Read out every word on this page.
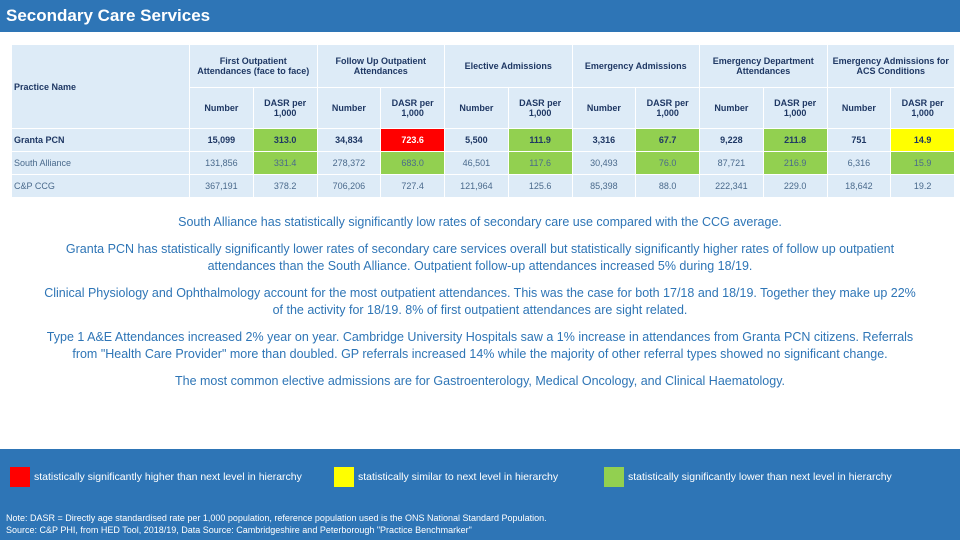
Secondary Care Services
Practice Name	First Outpatient Attendances (face to face)		Follow Up Outpatient Attendances		Elective Admissions		Emergency Admissions		Emergency Department Attendances		Emergency Admissions for ACS Conditions	
	Number	DASR per 1,000	Number	DASR per 1,000	Number	DASR per 1,000	Number	DASR per 1,000	Number	DASR per 1,000	Number	DASR per 1,000
Granta PCN	15,099	313.0	34,834	723.6	5,500	111.9	3,316	67.7	9,228	211.8	751	14.9
South Alliance	131,856	331.4	278,372	683.0	46,501	117.6	30,493	76.0	87,721	216.9	6,316	15.9
C&P CCG	367,191	378.2	706,206	727.4	121,964	125.6	85,398	88.0	222,341	229.0	18,642	19.2

South Alliance has statistically significantly low rates of secondary care use compared with the CCG average.

Granta PCN has statistically significantly lower rates of secondary care services overall but statistically significantly higher rates of follow up outpatient attendances than the South Alliance. Outpatient follow-up attendances increased 5% during 18/19.

Clinical Physiology and Ophthalmology account for the most outpatient attendances. This was the case for both 17/18 and 18/19. Together they make up 22% of the activity for 18/19. 8% of first outpatient attendances are sight related.

Type 1 A&E Attendances increased 2% year on year. Cambridge University Hospitals saw a 1% increase in attendances from Granta PCN citizens. Referrals from "Health Care Provider" more than doubled. GP referrals increased 14% while the majority of other referral types showed no significant change.

The most common elective admissions are for Gastroenterology, Medical Oncology, and Clinical Haematology.

statistically significantly higher than next level in hierarchy	statistically similar to next level in hierarchy	statistically significantly lower than next level in hierarchy
Note: DASR = Directly age standardised rate per 1,000 population, reference population used is the ONS National Standard Population.
Source: C&P PHI, from HED Tool, 2018/19, Data Source: Cambridgeshire and Peterborough "Practice Benchmarker"
